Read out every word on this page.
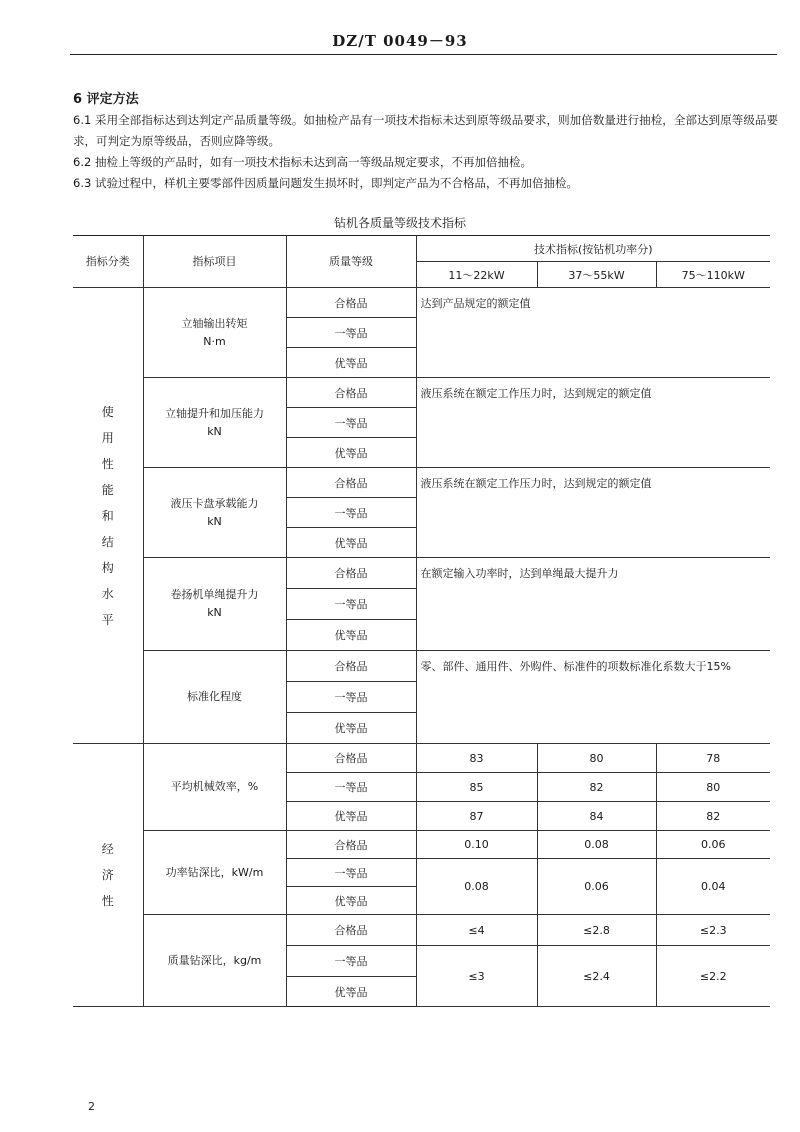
DZ/T 0049－93
6 评定方法
6.1 采用全部指标达到达判定产品质量等级。如抽检产品有一项技术指标未达到原等级品要求，则加倍数量进行抽检，全部达到原等级品要求，可判定为原等级品，否则应降等级。
6.2 抽检上等级的产品时，如有一项技术指标未达到高一等级品规定要求，不再加倍抽检。
6.3 试验过程中，样机主要零部件因质量问题发生损坏时，即判定产品为不合格品，不再加倍抽检。
钻机各质量等级技术指标
指标分类	指标项目	质量等级	技术指标(按钻机功率分)		
			11～22kW	37～55kW	75～110kW
使用性能和结构水平	立轴输出转矩
N·m	合格品	达到产品规定的额定值		
		一等品			
		优等品			
	立轴提升和加压能力
kN	合格品	液压系统在额定工作压力时，达到规定的额定值		
		一等品			
		优等品			
	液压卡盘承载能力
kN	合格品	液压系统在额定工作压力时，达到规定的额定值		
		一等品			
		优等品			
	卷扬机单绳提升力
kN	合格品	在额定输入功率时，达到单绳最大提升力		
		一等品			
		优等品			
	标准化程度	合格品	零、部件、通用件、外购件、标准件的项数标准化系数大于15%		
		一等品			
		优等品			
经济性	平均机械效率，%	合格品	83	80	78
		一等品	85	82	80
		优等品	87	84	82
	功率钻深比，kW/m	合格品	0.10	0.08	0.06
		一等品	0.08	0.06	0.04
		优等品			
	质量钻深比，kg/m	合格品	≤4	≤2.8	≤2.3
		一等品	≤3	≤2.4	≤2.2
		优等品			
2
